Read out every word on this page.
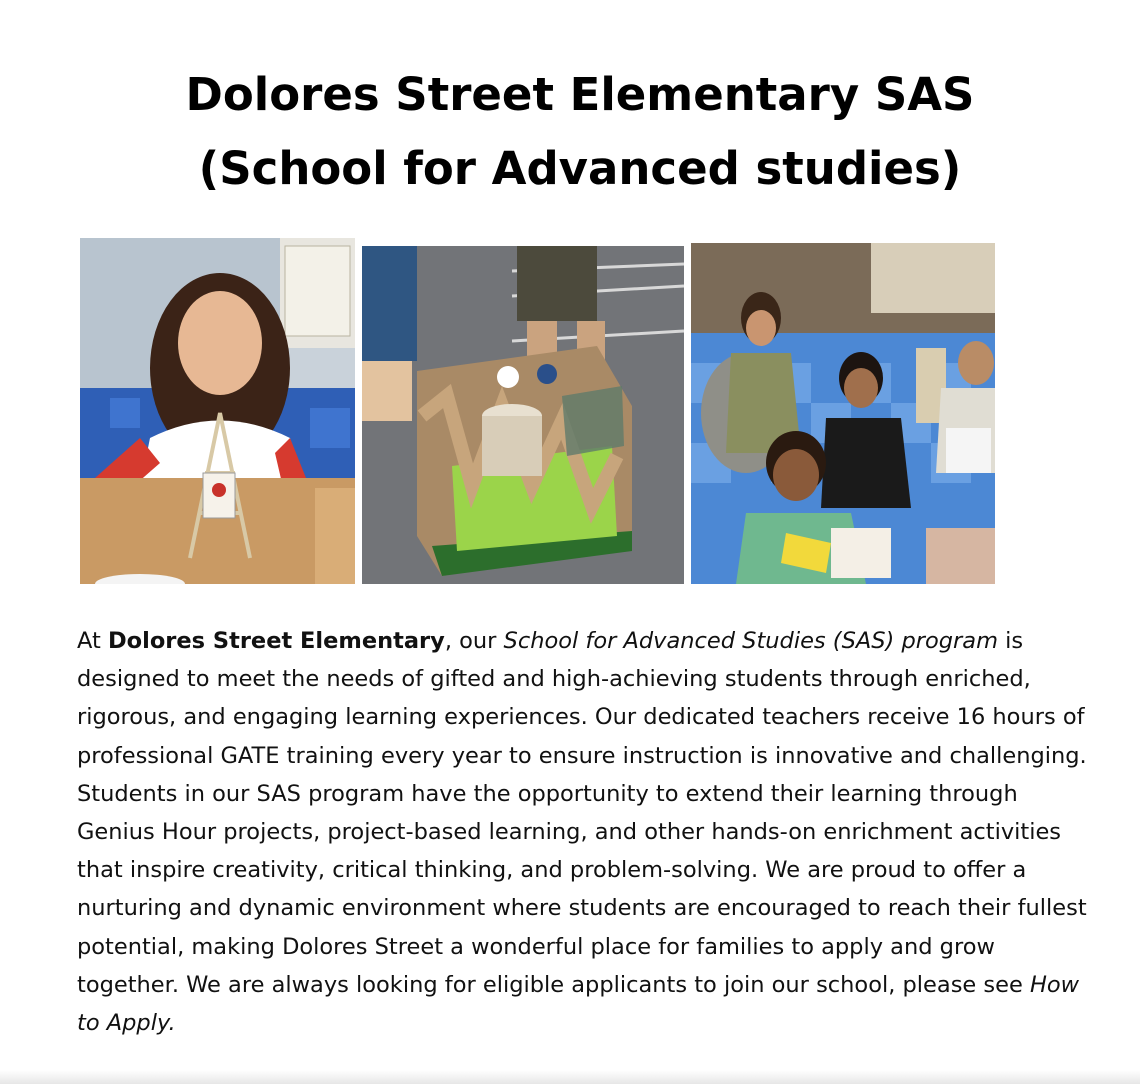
Dolores Street Elementary SAS
(School for Advanced studies)

At Dolores Street Elementary, our School for Advanced Studies (SAS) program is designed to meet the needs of gifted and high-achieving students through enriched, rigorous, and engaging learning experiences. Our dedicated teachers receive 16 hours of professional GATE training every year to ensure instruction is innovative and challenging. Students in our SAS program have the opportunity to extend their learning through Genius Hour projects, project-based learning, and other hands-on enrichment activities that inspire creativity, critical thinking, and problem-solving. We are proud to offer a nurturing and dynamic environment where students are encouraged to reach their fullest potential, making Dolores Street a wonderful place for families to apply and grow together. We are always looking for eligible applicants to join our school, please see How to Apply.
